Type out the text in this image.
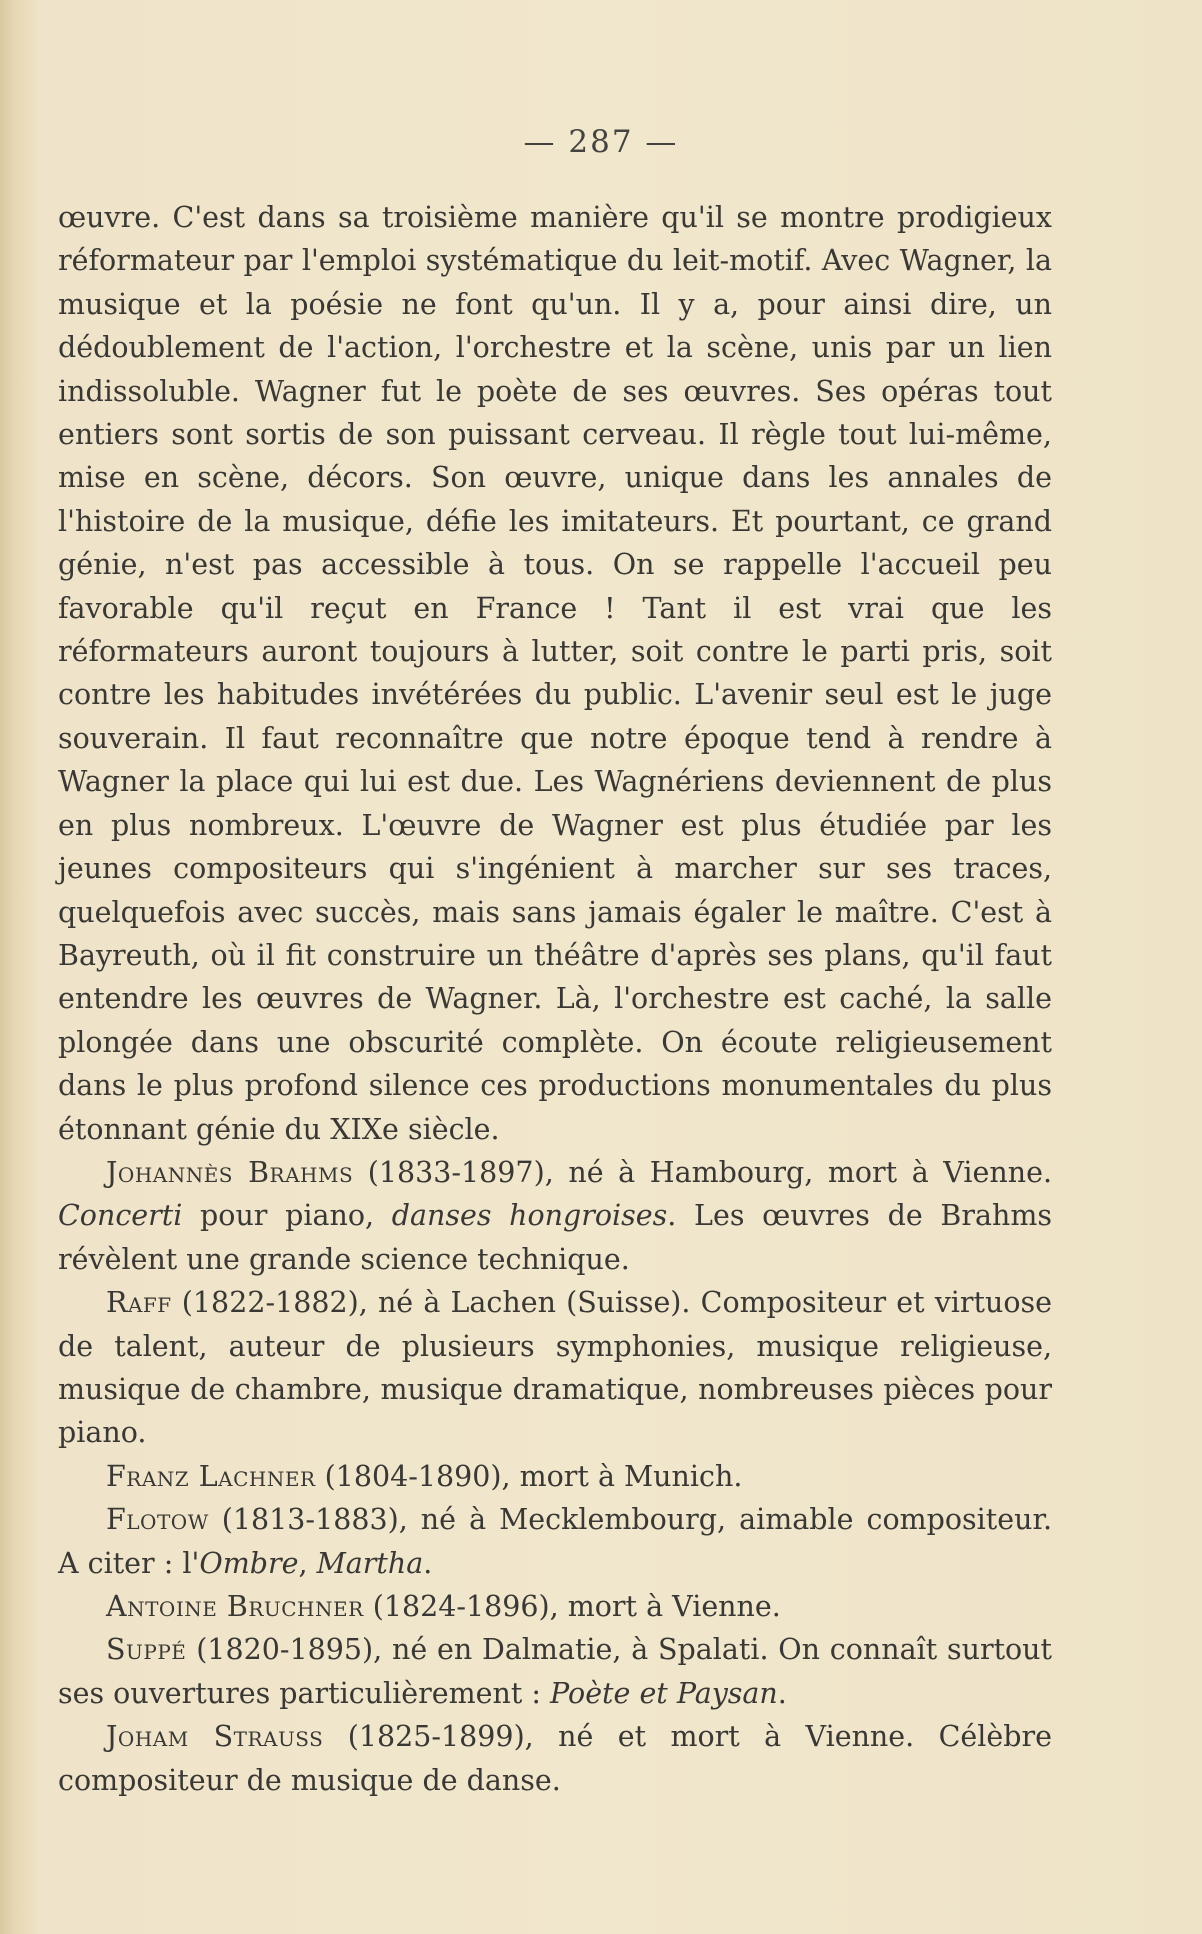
— 287 —

œuvre. C'est dans sa troisième manière qu'il se montre prodigieux réformateur par l'emploi systématique du leit-motif. Avec Wagner, la musique et la poésie ne font qu'un. Il y a, pour ainsi dire, un dédoublement de l'action, l'orchestre et la scène, unis par un lien indissoluble. Wagner fut le poète de ses œuvres. Ses opéras tout entiers sont sortis de son puissant cerveau. Il règle tout lui-même, mise en scène, décors. Son œuvre, unique dans les annales de l'histoire de la musique, défie les imitateurs. Et pourtant, ce grand génie, n'est pas accessible à tous. On se rappelle l'accueil peu favorable qu'il reçut en France ! Tant il est vrai que les réformateurs auront toujours à lutter, soit contre le parti pris, soit contre les habitudes invétérées du public. L'avenir seul est le juge souverain. Il faut reconnaître que notre époque tend à rendre à Wagner la place qui lui est due. Les Wagnériens deviennent de plus en plus nombreux. L'œuvre de Wagner est plus étudiée par les jeunes compositeurs qui s'ingénient à marcher sur ses traces, quelquefois avec succès, mais sans jamais égaler le maître. C'est à Bayreuth, où il fit construire un théâtre d'après ses plans, qu'il faut entendre les œuvres de Wagner. Là, l'orchestre est caché, la salle plongée dans une obscurité complète. On écoute religieusement dans le plus profond silence ces productions monumentales du plus étonnant génie du XIXe siècle.

Johannès Brahms (1833-1897), né à Hambourg, mort à Vienne. Concerti pour piano, danses hongroises. Les œuvres de Brahms révèlent une grande science technique.

Raff (1822-1882), né à Lachen (Suisse). Compositeur et virtuose de talent, auteur de plusieurs symphonies, musique religieuse, musique de chambre, musique dramatique, nombreuses pièces pour piano.

Franz Lachner (1804-1890), mort à Munich.

Flotow (1813-1883), né à Mecklembourg, aimable compositeur. A citer : l'Ombre, Martha.

Antoine Bruchner (1824-1896), mort à Vienne.

Suppé (1820-1895), né en Dalmatie, à Spalati. On connaît surtout ses ouvertures particulièrement : Poète et Paysan.

Joham Strauss (1825-1899), né et mort à Vienne. Célèbre compositeur de musique de danse.
